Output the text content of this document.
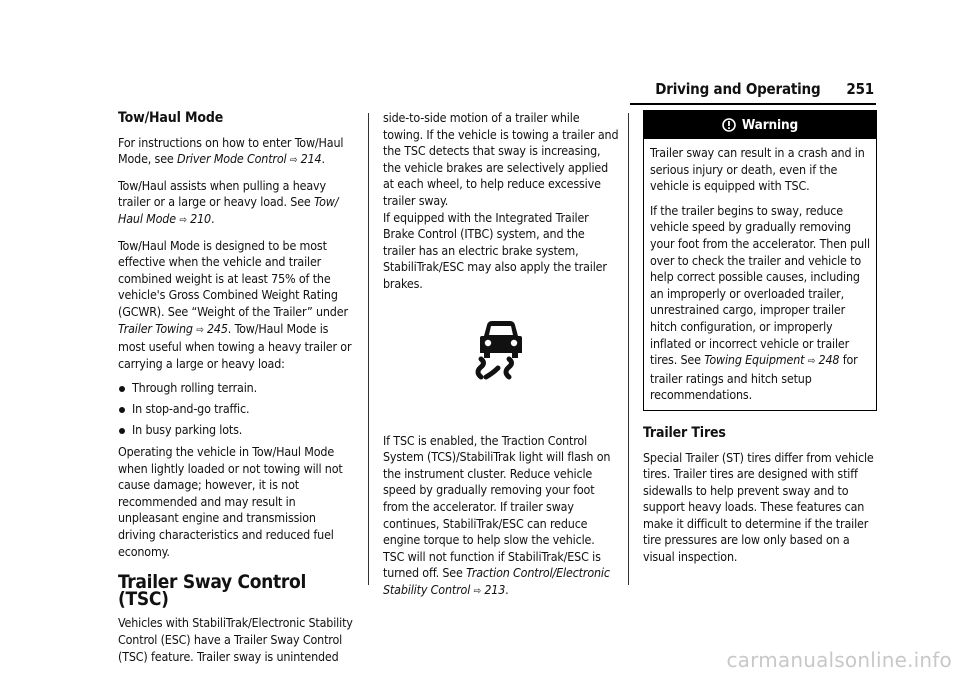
Driving and Operating 251
Tow/Haul Mode

For instructions on how to enter Tow/Haul Mode, see Driver Mode Control ⇨ 214.

Tow/Haul assists when pulling a heavy trailer or a large or heavy load. See Tow/ Haul Mode ⇨ 210.

Tow/Haul Mode is designed to be most effective when the vehicle and trailer combined weight is at least 75% of the vehicle's Gross Combined Weight Rating (GCWR). See “Weight of the Trailer” under Trailer Towing ⇨ 245. Tow/Haul Mode is most useful when towing a heavy trailer or carrying a large or heavy load:

Through rolling terrain.
In stop-and-go traffic.
In busy parking lots.

Operating the vehicle in Tow/Haul Mode when lightly loaded or not towing will not cause damage; however, it is not recommended and may result in unpleasant engine and transmission driving characteristics and reduced fuel economy.

Trailer Sway Control (TSC)

Vehicles with StabiliTrak/Electronic Stability Control (ESC) have a Trailer Sway Control (TSC) feature. Trailer sway is unintended

side-to-side motion of a trailer while towing. If the vehicle is towing a trailer and the TSC detects that sway is increasing, the vehicle brakes are selectively applied at each wheel, to help reduce excessive trailer sway.

If equipped with the Integrated Trailer Brake Control (ITBC) system, and the trailer has an electric brake system, StabiliTrak/ESC may also apply the trailer brakes.

If TSC is enabled, the Traction Control System (TCS)/StabiliTrak light will flash on the instrument cluster. Reduce vehicle speed by gradually removing your foot from the accelerator. If trailer sway continues, StabiliTrak/ESC can reduce engine torque to help slow the vehicle. TSC will not function if StabiliTrak/ESC is turned off. See Traction Control/Electronic Stability Control ⇨ 213.

Warning

Trailer sway can result in a crash and in serious injury or death, even if the vehicle is equipped with TSC.

If the trailer begins to sway, reduce vehicle speed by gradually removing your foot from the accelerator. Then pull over to check the trailer and vehicle to help correct possible causes, including an improperly or overloaded trailer, unrestrained cargo, improper trailer hitch configuration, or improperly inflated or incorrect vehicle or trailer tires. See Towing Equipment ⇨ 248 for trailer ratings and hitch setup recommendations.

Trailer Tires

Special Trailer (ST) tires differ from vehicle tires. Trailer tires are designed with stiff sidewalls to help prevent sway and to support heavy loads. These features can make it difficult to determine if the trailer tire pressures are low only based on a visual inspection.

carmanualsonline.info
